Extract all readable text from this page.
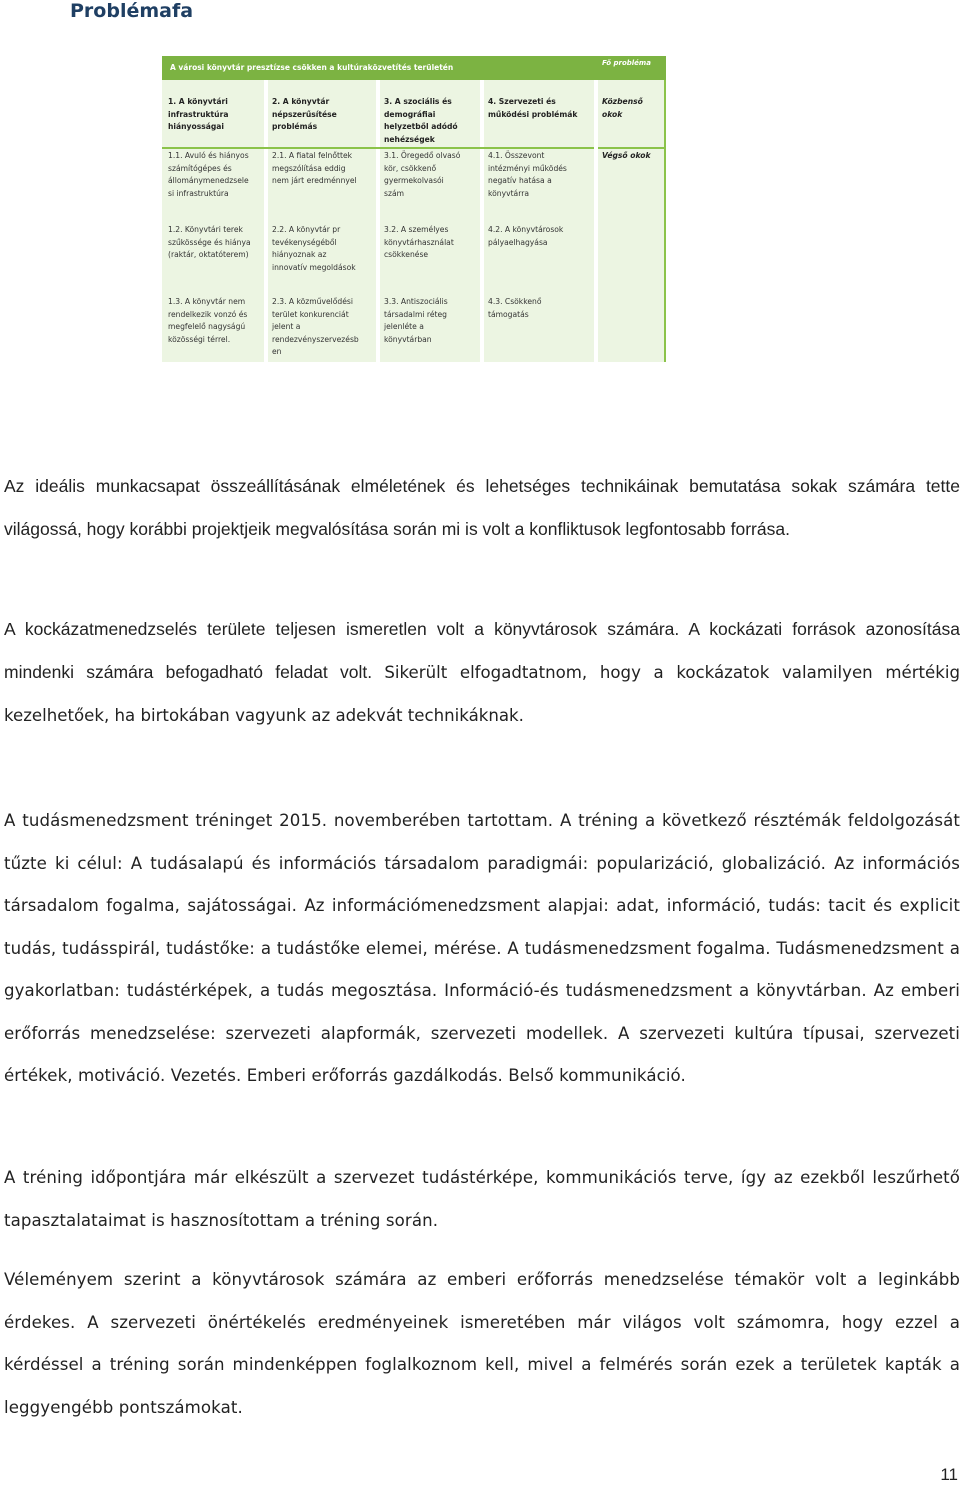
Problémafa
A városi könyvtár presztízse csökken a kultúraközvetítés területén	Fő probléma
1. A könyvtári
infrastruktúra
hiányosságai
2. A könyvtár
népszerűsítése
problémás
3. A szociális és
demográfiai
helyzetből adódó
nehézségek
4. Szervezeti és
működési problémák
Közbenső
okok
Végső okok
1.1. Avuló és hiányos
számítógépes és
állománymenedzsele
si infrastruktúra
2.1. A fiatal felnőttek
megszólítása eddig
nem járt eredménnyel
3.1. Öregedő olvasó
kör, csökkenő
gyermekolvasói
szám
4.1. Összevont
intézményi működés
negatív hatása a
könyvtárra
1.2. Könyvtári terek
szűkössége és hiánya
(raktár, oktatóterem)
2.2. A könyvtár pr
tevékenységéből
hiányoznak az
innovatív megoldások
3.2. A személyes
könyvtárhasználat
csökkenése
4.2. A könyvtárosok
pályaelhagyása
1.3. A könyvtár nem
rendelkezik vonzó és
megfelelő nagyságú
közösségi térrel.
2.3. A közművelődési
terület konkurenciát
jelent a
rendezvényszervezésb
en
3.3. Antiszociális
társadalmi réteg
jelenléte a
könyvtárban
4.3. Csökkenő
támogatás

Az ideális munkacsapat összeállításának elméletének és lehetséges technikáinak bemutatása sokak számára tette világossá, hogy korábbi projektjeik megvalósítása során mi is volt a konfliktusok legfontosabb forrása.

A kockázatmenedzselés területe teljesen ismeretlen volt a könyvtárosok számára. A kockázati források azonosítása mindenki számára befogadható feladat volt. Sikerült elfogadtatnom, hogy a kockázatok valamilyen mértékig kezelhetőek, ha birtokában vagyunk az adekvát technikáknak.

A tudásmenedzsment tréninget 2015. novemberében tartottam. A tréning a következő résztémák feldolgozását tűzte ki célul: A tudásalapú és információs társadalom paradigmái: popularizáció, globalizáció. Az információs társadalom fogalma, sajátosságai. Az információmenedzsment alapjai: adat, információ, tudás: tacit és explicit tudás, tudásspirál, tudástőke: a tudástőke elemei, mérése. A tudásmenedzsment fogalma. Tudásmenedzsment a gyakorlatban: tudástérképek, a tudás megosztása. Információ-és tudásmenedzsment a könyvtárban. Az emberi erőforrás menedzselése: szervezeti alapformák, szervezeti modellek. A szervezeti kultúra típusai, szervezeti értékek, motiváció. Vezetés. Emberi erőforrás gazdálkodás. Belső kommunikáció.

A tréning időpontjára már elkészült a szervezet tudástérképe, kommunikációs terve, így az ezekből leszűrhető tapasztalataimat is hasznosítottam a tréning során.

Véleményem szerint a könyvtárosok számára az emberi erőforrás menedzselése témakör volt a leginkább érdekes. A szervezeti önértékelés eredményeinek ismeretében már világos volt számomra, hogy ezzel a kérdéssel a tréning során mindenképpen foglalkoznom kell, mivel a felmérés során ezek a területek kapták a leggyengébb pontszámokat.

11
